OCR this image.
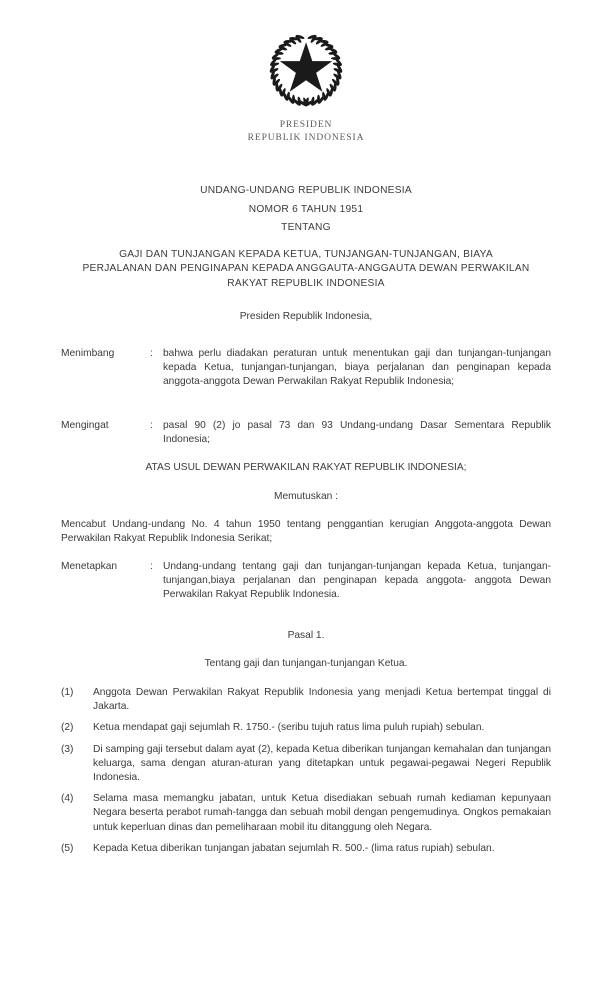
PRESIDEN
REPUBLIK INDONESIA
UNDANG-UNDANG REPUBLIK INDONESIA
NOMOR 6 TAHUN 1951
TENTANG
GAJI DAN TUNJANGAN KEPADA KETUA, TUNJANGAN-TUNJANGAN, BIAYA
PERJALANAN DAN PENGINAPAN KEPADA ANGGAUTA-ANGGAUTA DEWAN PERWAKILAN
RAKYAT REPUBLIK INDONESIA
Presiden Republik Indonesia,
Menimbang	: bahwa perlu diadakan peraturan untuk menentukan gaji dan tunjangan-tunjangan kepada Ketua, tunjangan-tunjangan, biaya perjalanan dan penginapan kepada anggota-anggota Dewan Perwakilan Rakyat Republik Indonesia;
Mengingat	: pasal 90 (2) jo pasal 73 dan 93 Undang-undang Dasar Sementara Republik Indonesia;
ATAS USUL DEWAN PERWAKILAN RAKYAT REPUBLIK INDONESIA;
Memutuskan :
Mencabut Undang-undang No. 4 tahun 1950 tentang penggantian kerugian Anggota-anggota Dewan Perwakilan Rakyat Republik Indonesia Serikat;
Menetapkan	: Undang-undang tentang gaji dan tunjangan-tunjangan kepada Ketua, tunjangan-tunjangan,biaya perjalanan dan penginapan kepada anggota- anggota Dewan Perwakilan Rakyat Republik Indonesia.
Pasal 1.
Tentang gaji dan tunjangan-tunjangan Ketua.
(1)	Anggota Dewan Perwakilan Rakyat Republik Indonesia yang menjadi Ketua bertempat tinggal di Jakarta.
(2)	Ketua mendapat gaji sejumlah R. 1750.- (seribu tujuh ratus lima puluh rupiah) sebulan.
(3)	Di samping gaji tersebut dalam ayat (2), kepada Ketua diberikan tunjangan kemahalan dan tunjangan keluarga, sama dengan aturan-aturan yang ditetapkan untuk pegawai-pegawai Negeri Republik Indonesia.
(4)	Selama masa memangku jabatan, untuk Ketua disediakan sebuah rumah kediaman kepunyaan Negara beserta perabot rumah-tangga dan sebuah mobil dengan pengemudinya. Ongkos pemakaian untuk keperluan dinas dan pemeliharaan mobil itu ditanggung oleh Negara.
(5)	Kepada Ketua diberikan tunjangan jabatan sejumlah R. 500.- (lima ratus rupiah) sebulan.
